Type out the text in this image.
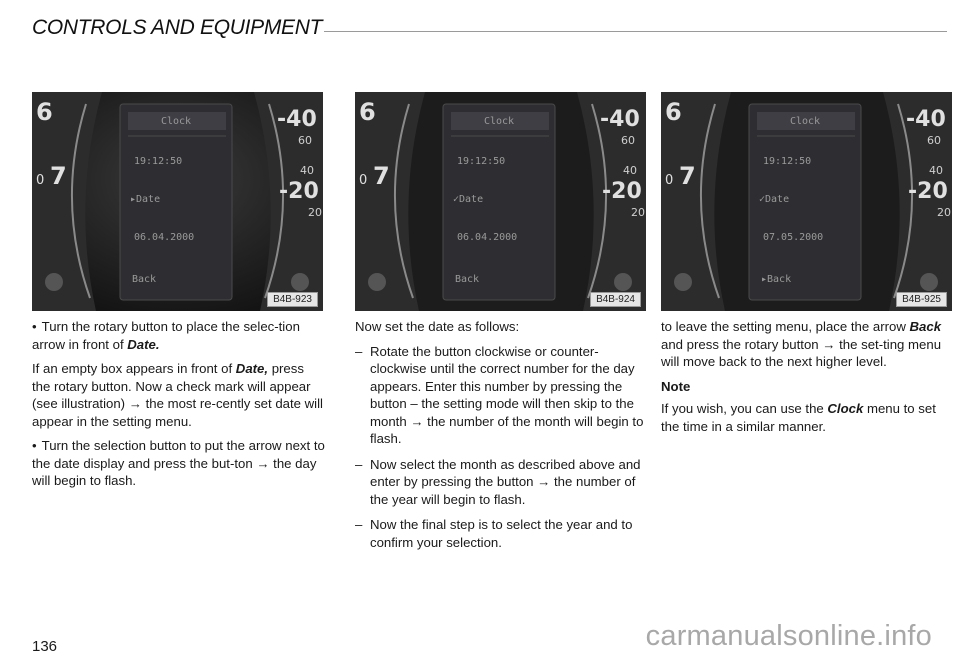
CONTROLS AND EQUIPMENT
6
0 7
-40
60
40
-20
20
Clock
19:12:50
▸Date
06.04.2000
Back
B4B-923
6
0 7
-40
60
40
-20
20
Clock
19:12:50
✓Date
06.04.2000
Back
B4B-924
6
0 7
-40
60
40
-20
20
Clock
19:12:50
✓Date
07.05.2000
▸Back
B4B-925

• Turn the rotary button to place the selec-tion arrow in front of Date.

If an empty box appears in front of Date, press the rotary button. Now a check mark will appear (see illustration) → the most re-cently set date will appear in the setting menu.

• Turn the selection button to put the arrow next to the date display and press the but-ton → the day will begin to flash.

Now set the date as follows:

– Rotate the button clockwise or counter-clockwise until the correct number for the day appears. Enter this number by pressing the button – the setting mode will then skip to the month → the number of the month will begin to flash.
– Now select the month as described above and enter by pressing the button → the number of the year will begin to flash.
– Now the final step is to select the year and to confirm your selection.

to leave the setting menu, place the arrow Back and press the rotary button → the set-ting menu will move back to the next higher level.

Note

If you wish, you can use the Clock menu to set the time in a similar manner.

136	carmanualsonline.info
